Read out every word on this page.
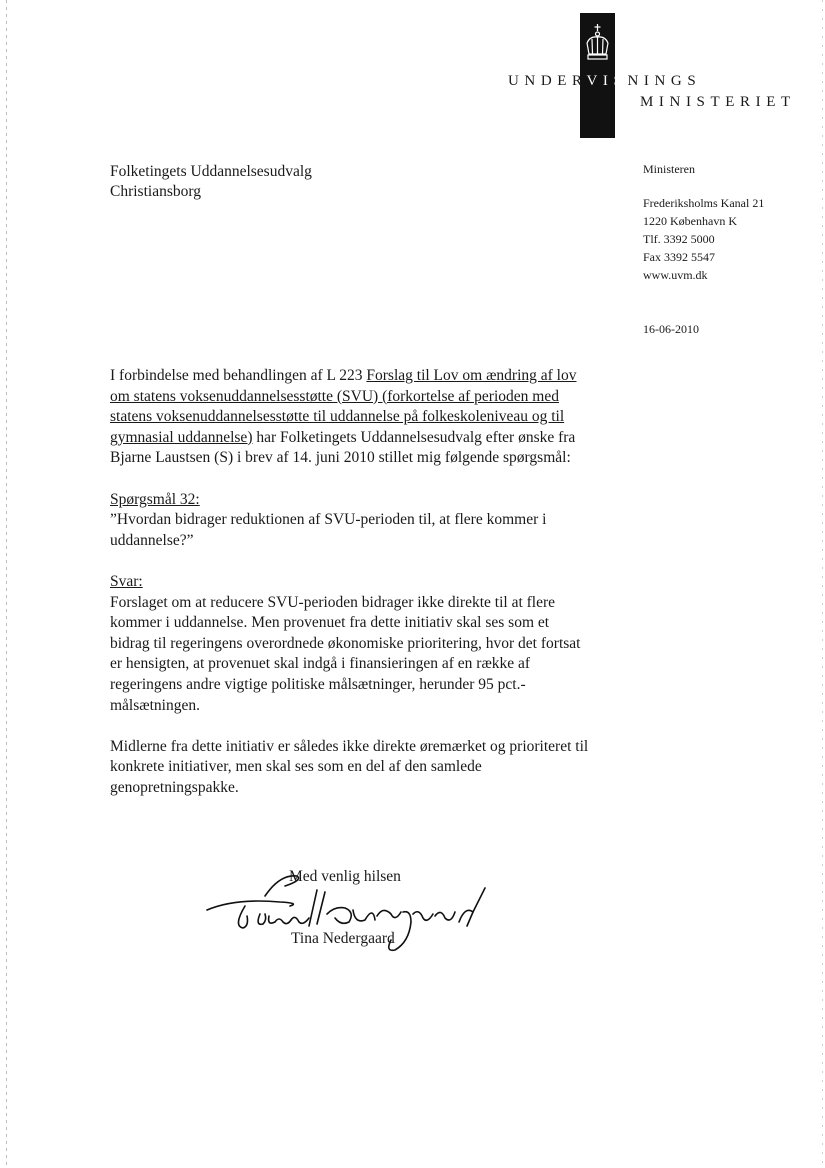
UNDERVISNINGS
MINISTERIET
Folketingets Uddannelsesudvalg
Christiansborg
Ministeren
Frederiksholms Kanal 21
1220 København K
Tlf. 3392 5000
Fax 3392 5547
www.uvm.dk
16-06-2010

I forbindelse med behandlingen af L 223 Forslag til Lov om ændring af lov om statens voksenuddannelsesstøtte (SVU) (forkortelse af perioden med statens voksenuddannelsesstøtte til uddannelse på folkeskoleniveau og til gymnasial uddannelse) har Folketingets Uddannelsesudvalg efter ønske fra Bjarne Laustsen (S) i brev af 14. juni 2010 stillet mig følgende spørgsmål:

Spørgsmål 32:

”Hvordan bidrager reduktionen af SVU-perioden til, at flere kommer i uddannelse?”

Svar:

Forslaget om at reducere SVU-perioden bidrager ikke direkte til at flere kommer i uddannelse. Men provenuet fra dette initiativ skal ses som et bidrag til regeringens overordnede økonomiske prioritering, hvor det fortsat er hensigten, at provenuet skal indgå i finansieringen af en række af regeringens andre vigtige politiske målsætninger, herunder 95 pct.-målsætningen.

Midlerne fra dette initiativ er således ikke direkte øremærket og prioriteret til konkrete initiativer, men skal ses som en del af den samlede genopretningspakke.

Med venlig hilsen
Tina Nedergaard
